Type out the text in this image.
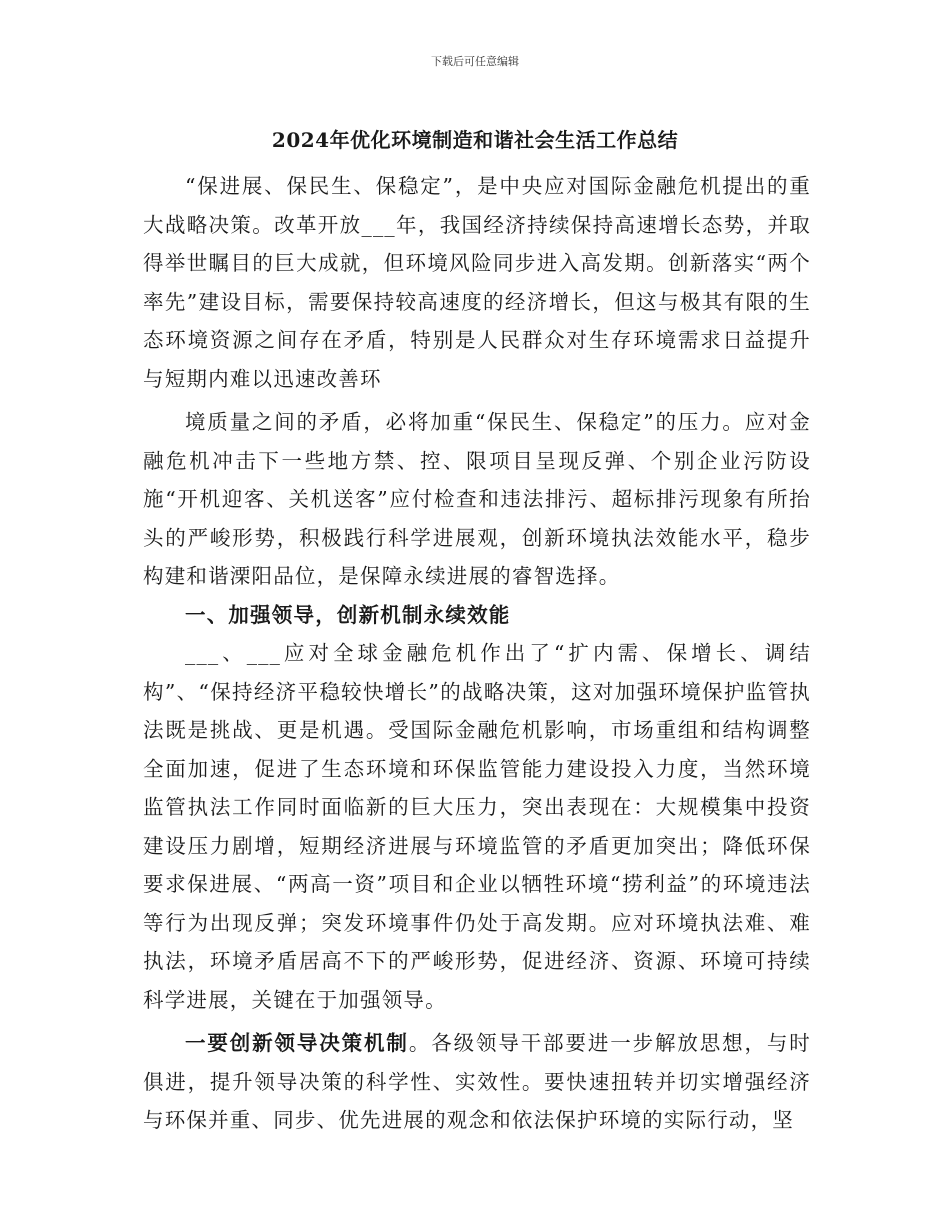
下载后可任意编辑
2024年优化环境制造和谐社会生活工作总结

“保进展、保民生、保稳定”，是中央应对国际金融危机提出的重大战略决策。改革开放___年，我国经济持续保持高速增长态势，并取得举世瞩目的巨大成就，但环境风险同步进入高发期。创新落实“两个率先”建设目标，需要保持较高速度的经济增长，但这与极其有限的生态环境资源之间存在矛盾，特别是人民群众对生存环境需求日益提升与短期内难以迅速改善环

境质量之间的矛盾，必将加重“保民生、保稳定”的压力。应对金融危机冲击下一些地方禁、控、限项目呈现反弹、个别企业污防设施“开机迎客、关机送客”应付检查和违法排污、超标排污现象有所抬头的严峻形势，积极践行科学进展观，创新环境执法效能水平，稳步构建和谐溧阳品位，是保障永续进展的睿智选择。

一、加强领导，创新机制永续效能

___、___应对全球金融危机作出了“扩内需、保增长、调结构”、“保持经济平稳较快增长”的战略决策，这对加强环境保护监管执法既是挑战、更是机遇。受国际金融危机影响，市场重组和结构调整全面加速，促进了生态环境和环保监管能力建设投入力度，当然环境监管执法工作同时面临新的巨大压力，突出表现在：大规模集中投资建设压力剧增，短期经济进展与环境监管的矛盾更加突出；降低环保要求保进展、“两高一资”项目和企业以牺牲环境“捞利益”的环境违法等行为出现反弹；突发环境事件仍处于高发期。应对环境执法难、难执法，环境矛盾居高不下的严峻形势，促进经济、资源、环境可持续科学进展，关键在于加强领导。

一要创新领导决策机制。各级领导干部要进一步解放思想，与时俱进，提升领导决策的科学性、实效性。要快速扭转并切实增强经济与环保并重、同步、优先进展的观念和依法保护环境的实际行动，坚
